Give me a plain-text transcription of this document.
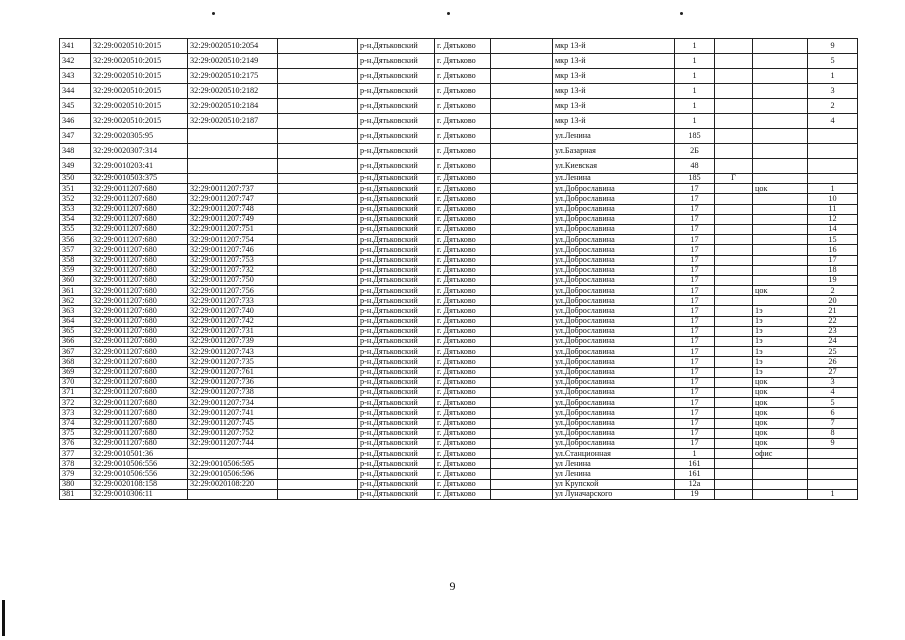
341	32:29:0020510:2015	32:29:0020510:2054		р-н.Дятьковский	г. Дятьково		мкр 13-й	1			9
342	32:29:0020510:2015	32:29:0020510:2149		р-н.Дятьковский	г. Дятьково		мкр 13-й	1			5
343	32:29:0020510:2015	32:29:0020510:2175		р-н.Дятьковский	г. Дятьково		мкр 13-й	1			1
344	32:29:0020510:2015	32:29:0020510:2182		р-н.Дятьковский	г. Дятьково		мкр 13-й	1			3
345	32:29:0020510:2015	32:29:0020510:2184		р-н.Дятьковский	г. Дятьково		мкр 13-й	1			2
346	32:29:0020510:2015	32:29:0020510:2187		р-н.Дятьковский	г. Дятьково		мкр 13-й	1			4
347	32:29:0020305:95			р-н.Дятьковский	г. Дятьково		ул.Ленина	185			
348	32:29:0020307:314			р-н.Дятьковский	г. Дятьково		ул.Базарная	2Б			
349	32:29:0010203:41			р-н.Дятьковский	г. Дятьково		ул.Киевская	48			
350	32:29:0010503:375			р-н.Дятьковский	г. Дятьково		ул.Ленина	185	Г		
351	32:29:0011207:680	32:29:0011207:737		р-н.Дятьковский	г. Дятьково		ул.Доброславина	17		цок	1
352	32:29:0011207:680	32:29:0011207:747		р-н.Дятьковский	г. Дятьково		ул.Доброславина	17			10
353	32:29:0011207:680	32:29:0011207:748		р-н.Дятьковский	г. Дятьково		ул.Доброславина	17			11
354	32:29:0011207:680	32:29:0011207:749		р-н.Дятьковский	г. Дятьково		ул.Доброславина	17			12
355	32:29:0011207:680	32:29:0011207:751		р-н.Дятьковский	г. Дятьково		ул.Доброславина	17			14
356	32:29:0011207:680	32:29:0011207:754		р-н.Дятьковский	г. Дятьково		ул.Доброславина	17			15
357	32:29:0011207:680	32:29:0011207:746		р-н.Дятьковский	г. Дятьково		ул.Доброславина	17			16
358	32:29:0011207:680	32:29:0011207:753		р-н.Дятьковский	г. Дятьково		ул.Доброславина	17			17
359	32:29:0011207:680	32:29:0011207:732		р-н.Дятьковский	г. Дятьково		ул.Доброславина	17			18
360	32:29:0011207:680	32:29:0011207:750		р-н.Дятьковский	г. Дятьково		ул.Доброславина	17			19
361	32:29:0011207:680	32:29:0011207:756		р-н.Дятьковский	г. Дятьково		ул.Доброславина	17		цок	2
362	32:29:0011207:680	32:29:0011207:733		р-н.Дятьковский	г. Дятьково		ул.Доброславина	17			20
363	32:29:0011207:680	32:29:0011207:740		р-н.Дятьковский	г. Дятьково		ул.Доброславина	17		1э	21
364	32:29:0011207:680	32:29:0011207:742		р-н.Дятьковский	г. Дятьково		ул.Доброславина	17		1э	22
365	32:29:0011207:680	32:29:0011207:731		р-н.Дятьковский	г. Дятьково		ул.Доброславина	17		1э	23
366	32:29:0011207:680	32:29:0011207:739		р-н.Дятьковский	г. Дятьково		ул.Доброславина	17		1э	24
367	32:29:0011207:680	32:29:0011207:743		р-н.Дятьковский	г. Дятьково		ул.Доброславина	17		1э	25
368	32:29:0011207:680	32:29:0011207:735		р-н.Дятьковский	г. Дятьково		ул.Доброславина	17		1э	26
369	32:29:0011207:680	32:29:0011207:761		р-н.Дятьковский	г. Дятьково		ул.Доброславина	17		1э	27
370	32:29:0011207:680	32:29:0011207:736		р-н.Дятьковский	г. Дятьково		ул.Доброславина	17		цок	3
371	32:29:0011207:680	32:29:0011207:738		р-н.Дятьковский	г. Дятьково		ул.Доброславина	17		цок	4
372	32:29:0011207:680	32:29:0011207:734		р-н.Дятьковский	г. Дятьково		ул.Доброславина	17		цок	5
373	32:29:0011207:680	32:29:0011207:741		р-н.Дятьковский	г. Дятьково		ул.Доброславина	17		цок	6
374	32:29:0011207:680	32:29:0011207:745		р-н.Дятьковский	г. Дятьково		ул.Доброславина	17		цок	7
375	32:29:0011207:680	32:29:0011207:752		р-н.Дятьковский	г. Дятьково		ул.Доброславина	17		цок	8
376	32:29:0011207:680	32:29:0011207:744		р-н.Дятьковский	г. Дятьково		ул.Доброславина	17		цок	9
377	32:29:0010501:36			р-н.Дятьковский	г. Дятьково		ул.Станционная	1		офис	
378	32:29:0010506:556	32:29:0010506:595		р-н.Дятьковский	г. Дятьково		ул Ленина	161			
379	32:29:0010506:556	32:29:0010506:596		р-н.Дятьковский	г. Дятьково		ул Ленина	161			
380	32:29:0020108:158	32:29:0020108:220		р-н.Дятьковский	г. Дятьково		ул Крупской	12а			
381	32:29:0010306:11			р-н.Дятьковский	г. Дятьково		ул Луначарского	19			1
9
